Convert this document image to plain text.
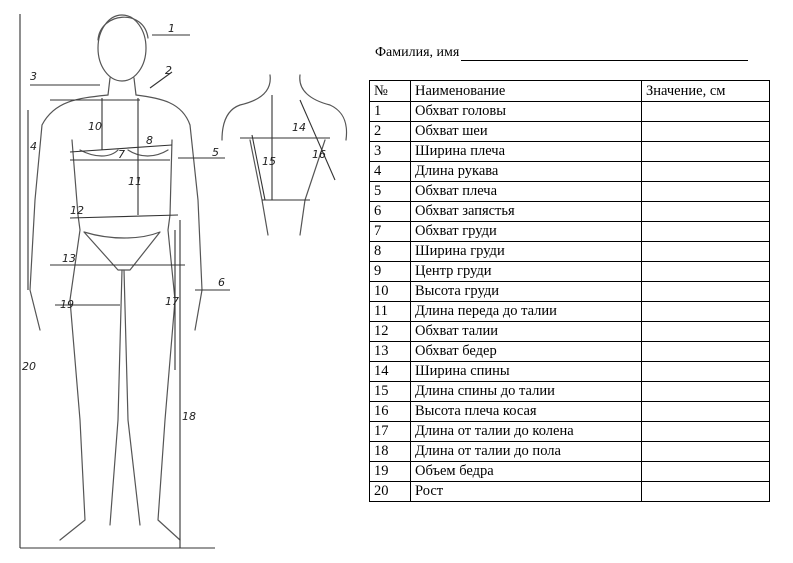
1
2
3
4	5
6
7
8
10
11
12
13
14
15
16
17
18
19
20
Фамилия, имя
№	Наименование	Значение, см
1	Обхват головы	
2	Обхват шеи	
3	Ширина плеча	
4	Длина рукава	
5	Обхват плеча	
6	Обхват запястья	
7	Обхват груди	
8	Ширина груди	
9	Центр груди	
10	Высота груди	
11	Длина переда до талии	
12	Обхват талии	
13	Обхват бедер	
14	Ширина спины	
15	Длина спины до талии	
16	Высота плеча косая	
17	Длина от талии до колена	
18	Длина от талии до пола	
19	Объем бедра	
20	Рост	
